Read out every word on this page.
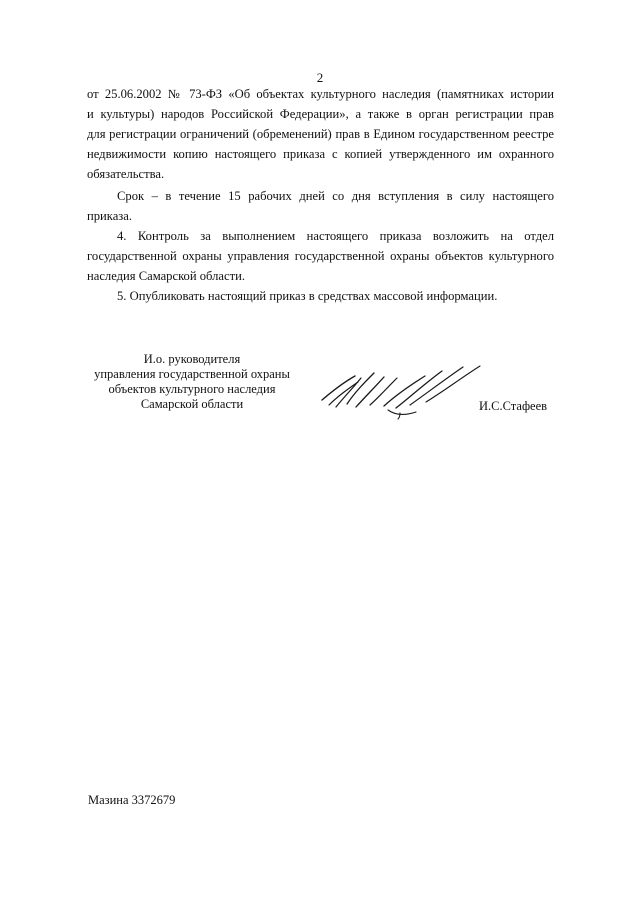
2
от 25.06.2002 № 73-ФЗ «Об объектах культурного наследия (памятниках истории
и культуры) народов Российской Федерации», а также в орган регистрации прав
для регистрации ограничений (обременений) прав в Едином государственном реестре
недвижимости копию настоящего приказа с копией утвержденного им охранного
обязательства.
Срок – в течение 15 рабочих дней со дня вступления в силу настоящего
приказа.
4. Контроль за выполнением настоящего приказа возложить на отдел
государственной охраны управления государственной охраны объектов культурного
наследия Самарской области.
5. Опубликовать настоящий приказ в средствах массовой информации.
И.о. руководителя
управления государственной охраны
объектов культурного наследия
Самарской области	И.С.Стафеев
Мазина 3372679
